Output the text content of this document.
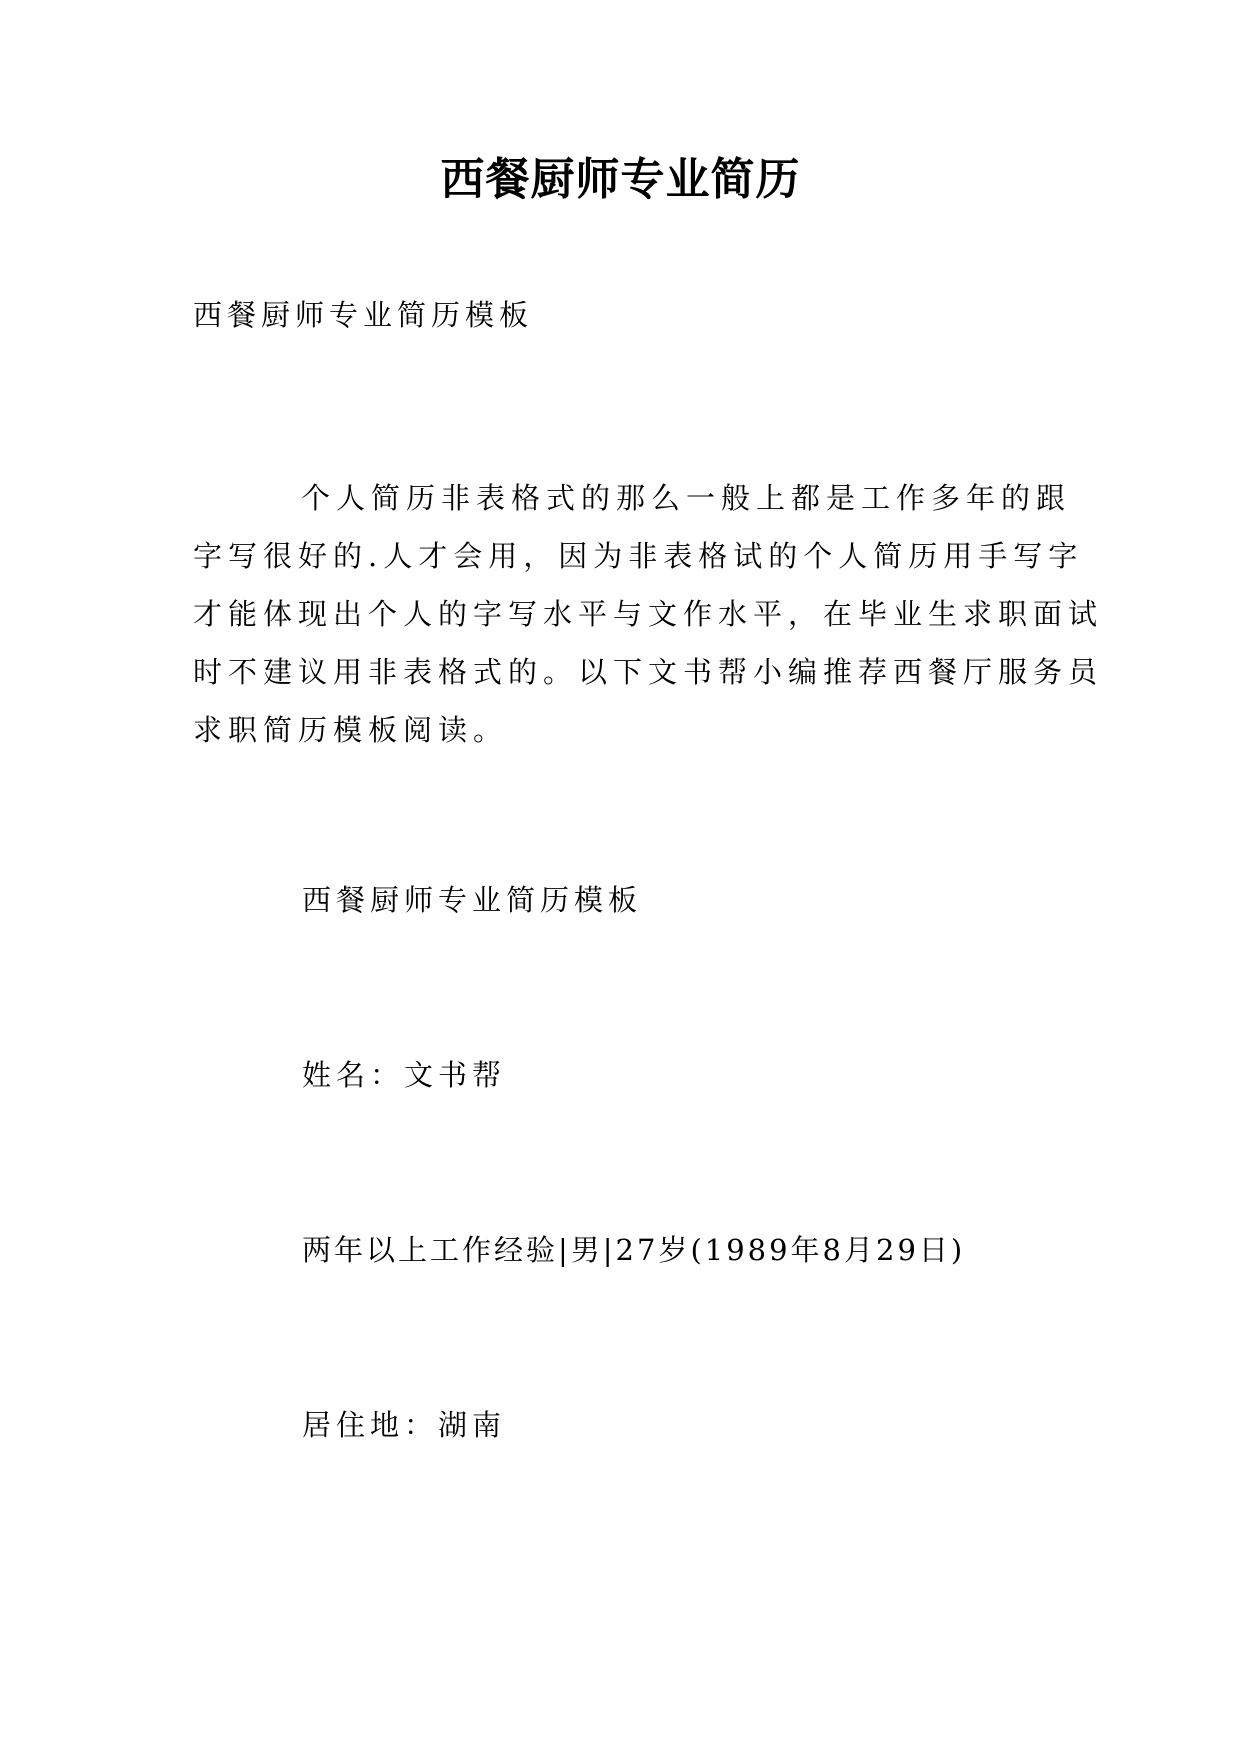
西餐厨师专业简历

西餐厨师专业简历模板

个人简历非表格式的那么一般上都是工作多年的跟
字写很好的.人才会用，因为非表格试的个人简历用手写字
才能体现出个人的字写水平与文作水平，在毕业生求职面试
时不建议用非表格式的。以下文书帮小编推荐西餐厅服务员
求职简历模板阅读。

西餐厨师专业简历模板

姓名：文书帮

两年以上工作经验|男|27岁(1989年8月29日)

居住地：湖南
